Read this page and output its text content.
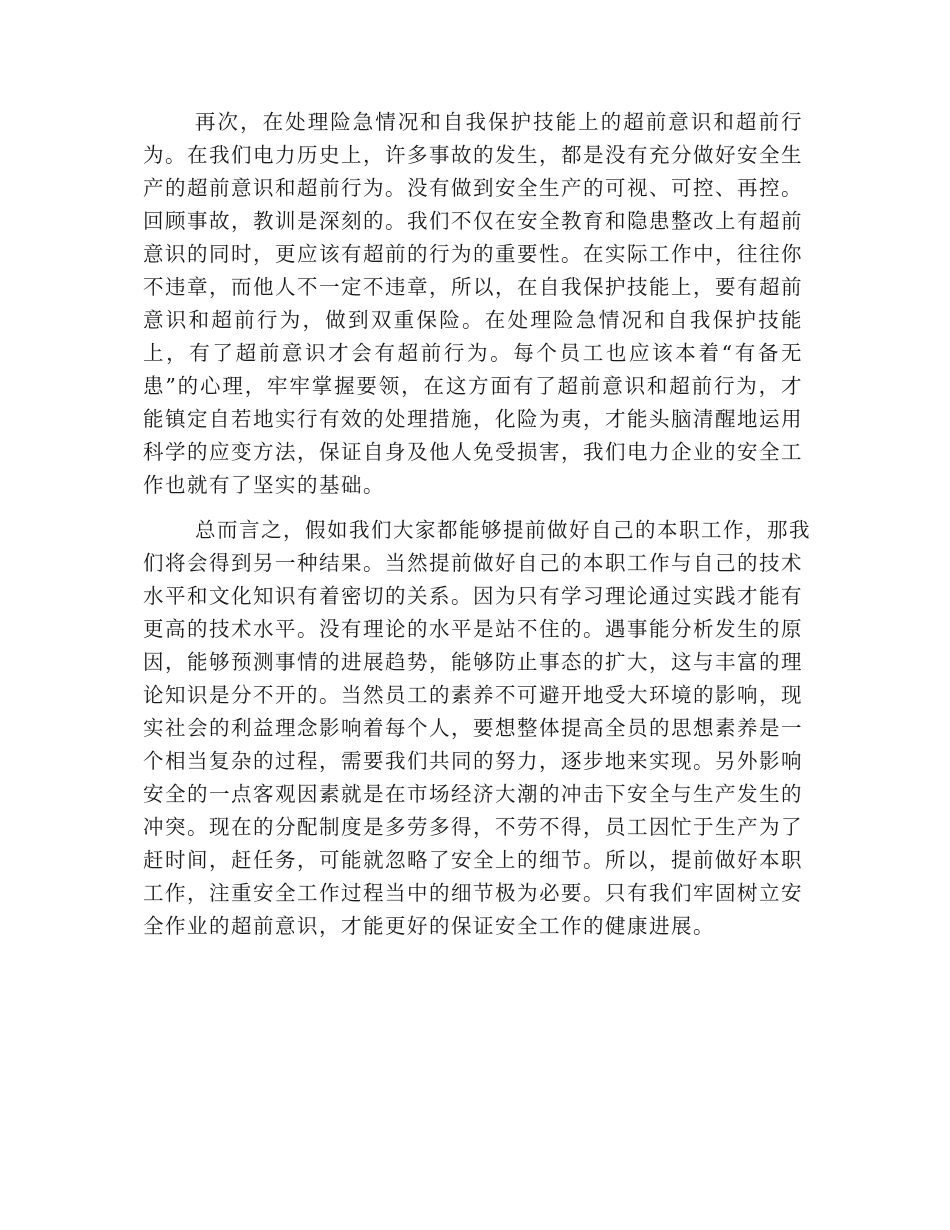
再次，在处理险急情况和自我保护技能上的超前意识和超前行
为。在我们电力历史上，许多事故的发生，都是没有充分做好安全生
产的超前意识和超前行为。没有做到安全生产的可视、可控、再控。
回顾事故，教训是深刻的。我们不仅在安全教育和隐患整改上有超前
意识的同时，更应该有超前的行为的重要性。在实际工作中，往往你
不违章，而他人不一定不违章，所以，在自我保护技能上，要有超前
意识和超前行为，做到双重保险。在处理险急情况和自我保护技能
上，有了超前意识才会有超前行为。每个员工也应该本着“有备无
患”的心理，牢牢掌握要领，在这方面有了超前意识和超前行为，才
能镇定自若地实行有效的处理措施，化险为夷，才能头脑清醒地运用
科学的应变方法，保证自身及他人免受损害，我们电力企业的安全工
作也就有了坚实的基础。
总而言之，假如我们大家都能够提前做好自己的本职工作，那我
们将会得到另一种结果。当然提前做好自己的本职工作与自己的技术
水平和文化知识有着密切的关系。因为只有学习理论通过实践才能有
更高的技术水平。没有理论的水平是站不住的。遇事能分析发生的原
因，能够预测事情的进展趋势，能够防止事态的扩大，这与丰富的理
论知识是分不开的。当然员工的素养不可避开地受大环境的影响，现
实社会的利益理念影响着每个人，要想整体提高全员的思想素养是一
个相当复杂的过程，需要我们共同的努力，逐步地来实现。另外影响
安全的一点客观因素就是在市场经济大潮的冲击下安全与生产发生的
冲突。现在的分配制度是多劳多得，不劳不得，员工因忙于生产为了
赶时间，赶任务，可能就忽略了安全上的细节。所以，提前做好本职
工作，注重安全工作过程当中的细节极为必要。只有我们牢固树立安
全作业的超前意识，才能更好的保证安全工作的健康进展。
